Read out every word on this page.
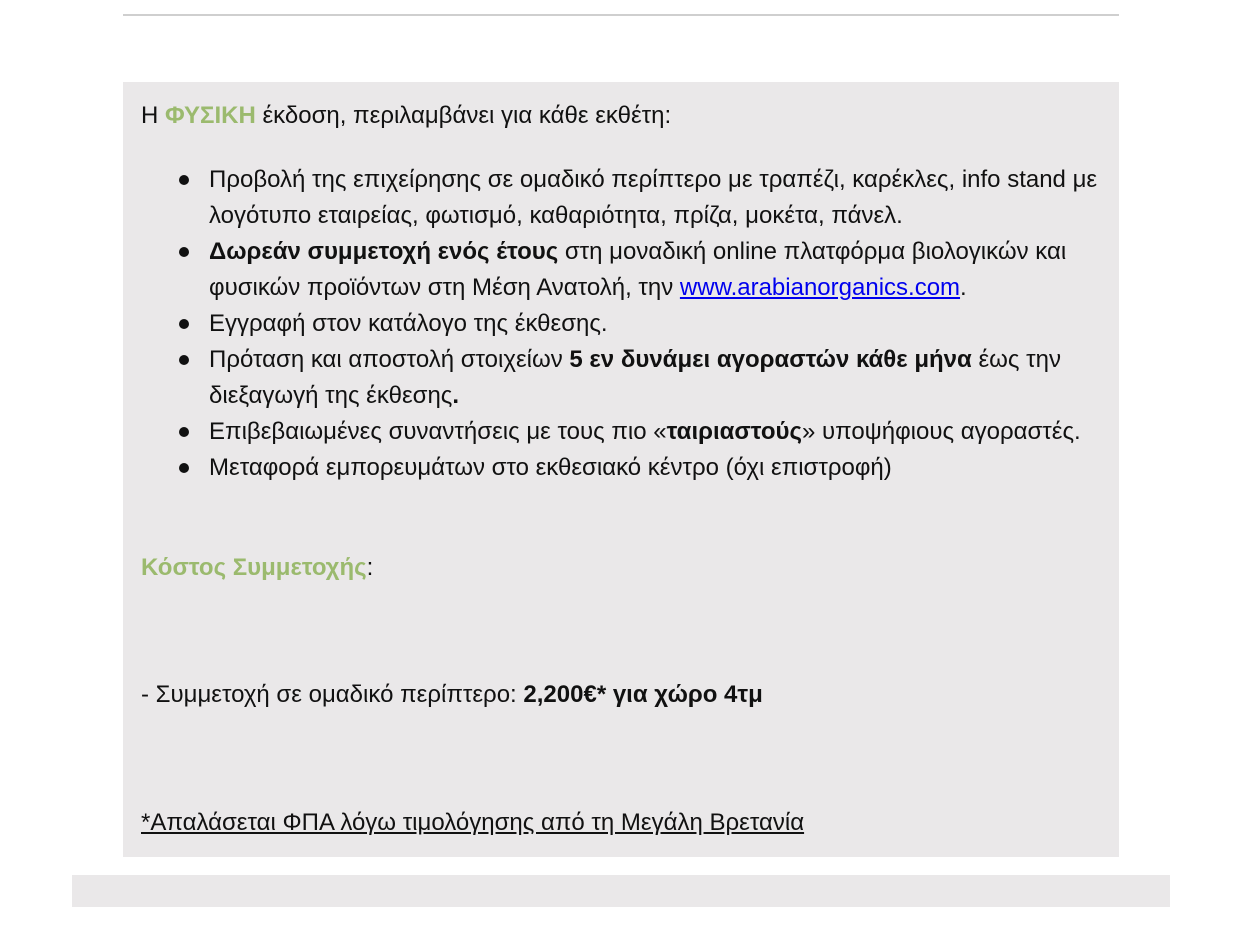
Η ΦΥΣΙΚΗ έκδοση, περιλαμβάνει για κάθε εκθέτη:
Προβολή της επιχείρησης σε ομαδικό περίπτερο με τραπέζι, καρέκλες, info stand με λογότυπο εταιρείας, φωτισμό, καθαριότητα, πρίζα, μοκέτα, πάνελ.
Δωρεάν συμμετοχή ενός έτους στη μοναδική online πλατφόρμα βιολογικών και φυσικών προϊόντων στη Μέση Ανατολή, την www.arabianorganics.com.
Εγγραφή στον κατάλογο της έκθεσης.
Πρόταση και αποστολή στοιχείων 5 εν δυνάμει αγοραστών κάθε μήνα έως την διεξαγωγή της έκθεσης.
Επιβεβαιωμένες συναντήσεις με τους πιο «ταιριαστούς» υποψήφιους αγοραστές.
Μεταφορά εμπορευμάτων στο εκθεσιακό κέντρο (όχι επιστροφή)
Κόστος Συμμετοχής:
- Συμμετοχή σε ομαδικό περίπτερο: 2,200€* για χώρο 4τμ
*Απαλάσεται ΦΠΑ λόγω τιμολόγησης από τη Μεγάλη Βρετανία
